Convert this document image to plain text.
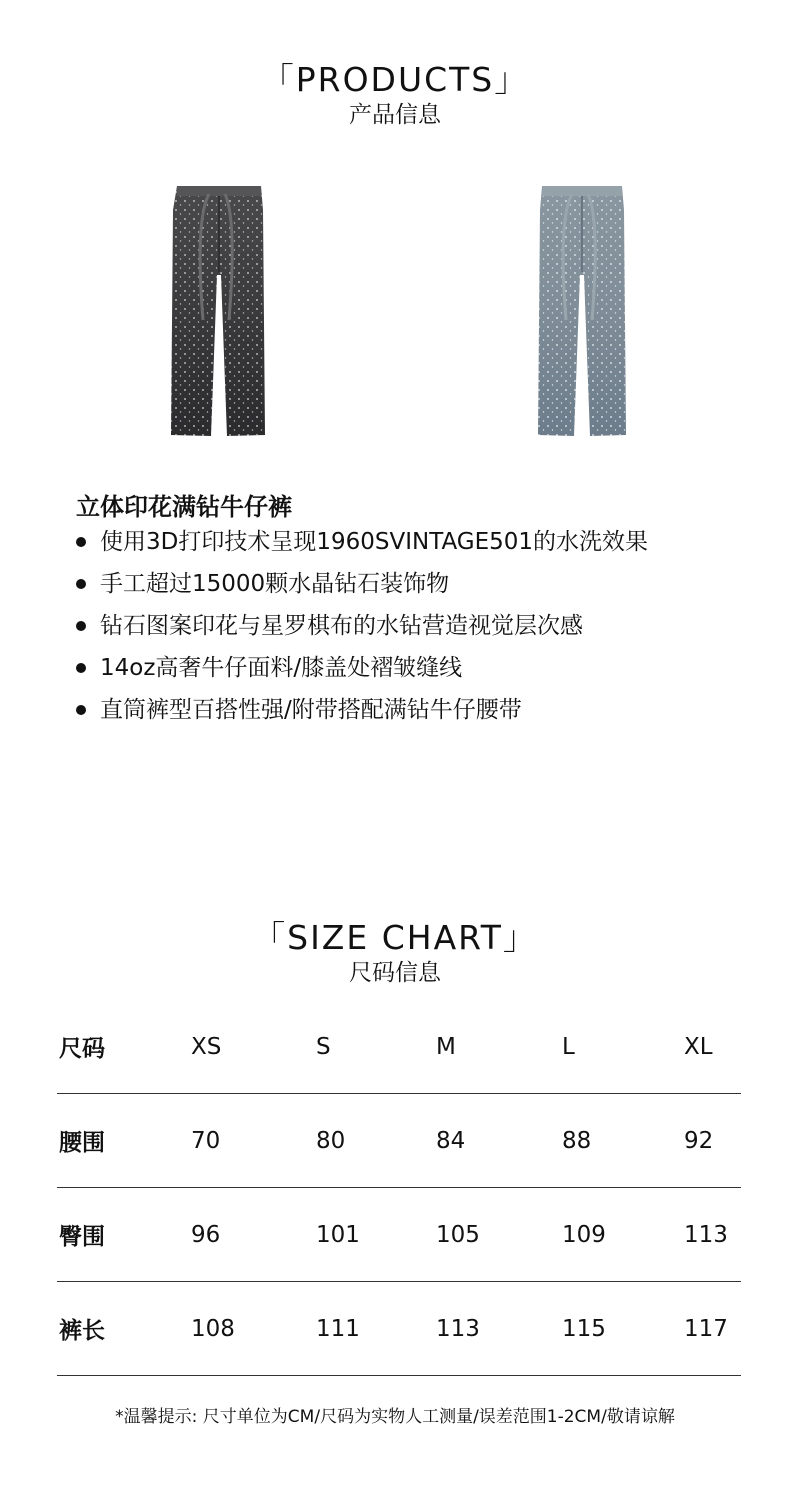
「PRODUCTS」
产品信息
立体印花满钻牛仔裤
使用3D打印技术呈现1960SVINTAGE501的水洗效果
手工超过15000颗水晶钻石装饰物
钻石图案印花与星罗棋布的水钻营造视觉层次感
14oz高奢牛仔面料/膝盖处褶皱缝线
直筒裤型百搭性强/附带搭配满钻牛仔腰带
「SIZE CHART」
尺码信息
尺码	XS	S	M	L	XL
腰围	70	80	84	88	92
臀围	96	101	105	109	113
裤长	108	111	113	115	117
*温馨提示: 尺寸单位为CM/尺码为实物人工测量/误差范围1-2CM/敬请谅解
